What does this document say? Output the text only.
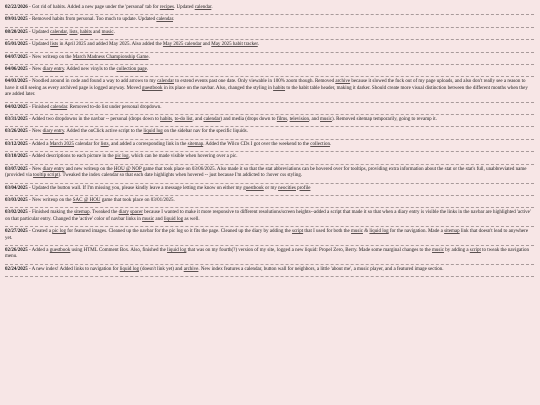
02/22/2026 - Got rid of habits. Added a new page under the 'personal' tab for recipes. Updated calendar.
09/01/2025 - Removed habits from personal. Too much to update. Updated calendar.
08/20/2025 - Updated calendar, lists, habits and music.
05/01/2025 - Updated lists in April 2025 and added May 2025. Also added the May 2025 calendar and May 2025 habit tracker.
04/07/2025 - New writeup on the March Madness Championship Game.
04/06/2025 - New diary entry. Added new vinyls to the collection page.
04/03/2025 - Noodled around in code and found a way to add arrows to my calendar to extend events past one date. Only viewable in 100% zoom though. Removed archive because it slowed the fuck out of my page uploads, and also don't really see a reason to have it still seeing as every archived page is logged anyway. Moved guestbook in its place on the navbar. Also, changed the styling in habits to the habit table header, making it darker. Should create more visual distinction between the different months when they are added later.
04/02/2025 - Finished calendar. Removed to-do list under personal dropdown.
03/31/2025 - Added two dropdowns in the navbar -- personal (drops down to habits, to-do list, and calendar) and media (drops down to films, television, and music). Removed sitemap temporarily, going to revamp it.
03/26/2025 - New diary entry. Added the onClick active script to the liquid log on the sidebar nav for the specific liquids.
03/12/2025 - Added a March 2025 calendar for lists, and added a corresponding link in the sitemap. Added the Wilco CDs I got over the weekend to the collection.
03/10/2025 - Added descriptions to each picture in the pic log, which can be made visible when hovering over a pic.
03/07/2025 - New diary entry and new writeup on the HOU @ NOP game that took place on 03/06/2025. Also made it so that the stat abbreviations can be hovered over for tooltips, providing extra information about the stat or the stat's full, unabbreviated name (provided via tooltip script). Tweaked the index calendar so that each date highlights when hovered -- just because I'm addicted to :hover css styling.
03/04/2025 - Updated the button wall. If I'm missing you, please kindly leave a message letting me know on either my guestbook or my neocities profile
03/03/2025 - New writeup on the SAC @ HOU game that took place on 03/01/2025.
03/02/2025 - Finished making the sitemap. Tweaked the diary spacer because I wanted to make it more responsive to different resolutions/screen heights--added a script that made it so that when a diary entry is visible the links in the navbar are highlighted 'active' on that particular entry. Changed the 'active' color of navbar links in music and liquid log as well.
02/27/2025 - Created a pic log for featured images. Cleaned up the navbar for the pic log so it fits the page. Cleaned up the diary by adding the script that I used for both the music & liquid log for the navigation. Made a sitemap link that doesn't lead to anywhere yet.
02/26/2025 - Added a guestbook using HTML Comment Box. Also, finished the liquid log that was on my fourth(?) version of my site, logged a new liquid: Propel Zero, Berry. Made some marginal changes to the music by adding a script to tweak the navigation menu.
02/24/2025 - A new index! Added links to navigation for liquid log (doesn't link yet) and archive. New index features a calendar, button wall for neighbors, a little 'about me', a music player, and a featured image section.
